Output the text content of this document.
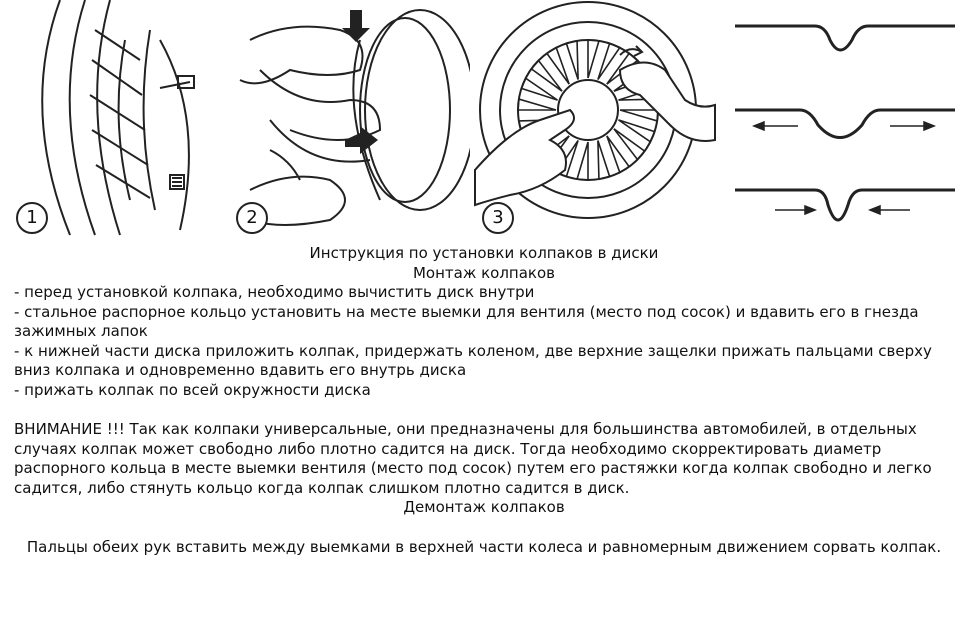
1	2	3
Инструкция по установки колпаков в диски
Монтаж колпаков
- перед установкой колпака, необходимо вычистить диск внутри
- стальное распорное кольцо установить на месте выемки для вентиля (место под сосок) и вдавить его в гнезда зажимных лапок
- к нижней части диска приложить колпак, придержать коленом, две верхние защелки прижать пальцами сверху вниз колпака и одновременно вдавить его внутрь диска
- прижать колпак по всей окружности диска
ВНИМАНИЕ !!! Так как колпаки универсальные, они предназначены для большинства автомобилей, в отдельных случаях колпак может свободно либо плотно садится на диск. Тогда необходимо скорректировать диаметр распорного кольца в месте выемки вентиля (место под сосок) путем его растяжки когда колпак свободно и легко садится, либо стянуть кольцо когда колпак слишком плотно садится в диск.
Демонтаж колпаков
Пальцы обеих рук вставить между выемками в верхней части колеса и равномерным движением сорвать колпак.
